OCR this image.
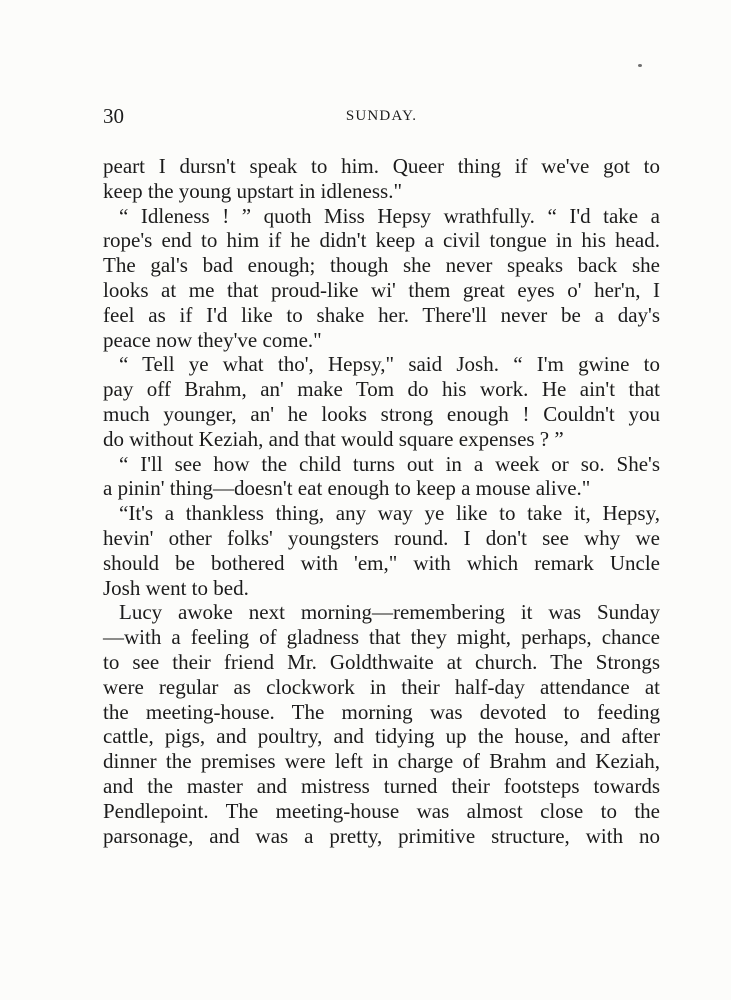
30	SUNDAY.
peart I dursn't speak to him. Queer thing if we've got to
keep the young upstart in idleness."
“ Idleness ! ” quoth Miss Hepsy wrathfully. “ I'd take a
rope's end to him if he didn't keep a civil tongue in his head.
The gal's bad enough; though she never speaks back she
looks at me that proud-like wi' them great eyes o' her'n, I
feel as if I'd like to shake her. There'll never be a day's
peace now they've come."
“ Tell ye what tho', Hepsy," said Josh. “ I'm gwine to
pay off Brahm, an' make Tom do his work. He ain't that
much younger, an' he looks strong enough ! Couldn't you
do without Keziah, and that would square expenses ? ”
“ I'll see how the child turns out in a week or so. She's
a pinin' thing—doesn't eat enough to keep a mouse alive."
“It's a thankless thing, any way ye like to take it, Hepsy,
hevin' other folks' youngsters round. I don't see why we
should be bothered with 'em," with which remark Uncle
Josh went to bed.
Lucy awoke next morning—remembering it was Sunday
—with a feeling of gladness that they might, perhaps, chance
to see their friend Mr. Goldthwaite at church. The Strongs
were regular as clockwork in their half-day attendance at
the meeting-house. The morning was devoted to feeding
cattle, pigs, and poultry, and tidying up the house, and after
dinner the premises were left in charge of Brahm and Keziah,
and the master and mistress turned their footsteps towards
Pendlepoint. The meeting-house was almost close to the
parsonage, and was a pretty, primitive structure, with no
